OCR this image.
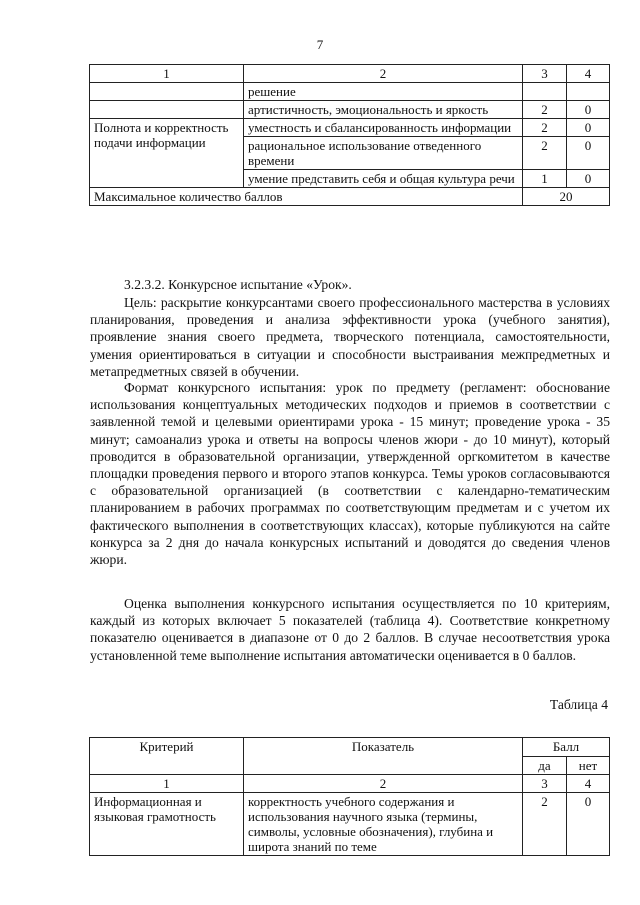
7
1	2	3	4
	решение		
	артистичность, эмоциональность и яркость	2	0
Полнота и корректность подачи информации	уместность и сбалансированность информации	2	0
	рациональное использование отведенного времени	2	0
	умение представить себя и общая культура речи	1	0
Максимальное количество баллов		20	

3.2.3.2. Конкурсное испытание «Урок».

Цель: раскрытие конкурсантами своего профессионального мастерства в условиях планирования, проведения и анализа эффективности урока (учебного занятия), проявление знания своего предмета, творческого потенциала, самостоятельности, умения ориентироваться в ситуации и способности выстраивания межпредметных и метапредметных связей в обучении.

Формат конкурсного испытания: урок по предмету (регламент: обоснование использования концептуальных методических подходов и приемов в соответствии с заявленной темой и целевыми ориентирами урока - 15 минут; проведение урока - 35 минут; самоанализ урока и ответы на вопросы членов жюри - до 10 минут), который проводится в образовательной организации, утвержденной оргкомитетом в качестве площадки проведения первого и второго этапов конкурса. Темы уроков согласовываются с образовательной организацией (в соответствии с календарно-тематическим планированием в рабочих программах по соответствующим предметам и с учетом их фактического выполнения в соответствующих классах), которые публикуются на сайте конкурса за 2 дня до начала конкурсных испытаний и доводятся до сведения членов жюри.

Оценка выполнения конкурсного испытания осуществляется по 10 критериям, каждый из которых включает 5 показателей (таблица 4). Соответствие конкретному показателю оценивается в диапазоне от 0 до 2 баллов. В случае несоответствия урока установленной теме выполнение испытания автоматически оценивается в 0 баллов.

Таблица 4
Критерий	Показатель	Балл	
		да	нет
1	2	3	4
Информационная и языковая грамотность	корректность учебного содержания и использования научного языка (термины, символы, условные обозначения), глубина и широта знаний по теме	2	0
